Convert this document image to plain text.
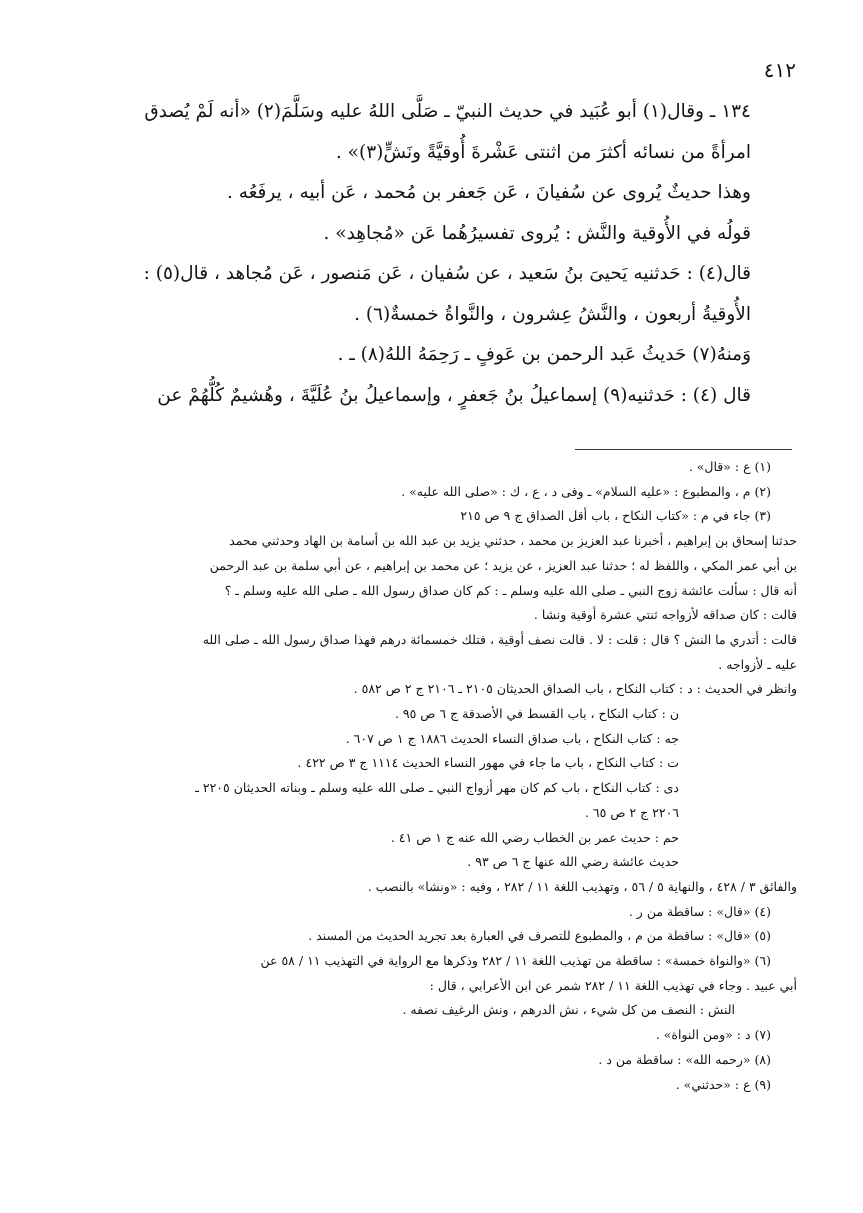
٤١٢

١٣٤ ـ وقال(١) أبو عُبَيد في حديث النبيّ ـ صَلَّى اللهُ عليه وسَلَّمَ(٢) «أنه لَمْ يُصدق

امرأةً من نسائه أكثرَ من اثنتى عَشْرةَ أُوقيَّةً ونَشٍّ(٣)» .

وهذا حديثٌ يُروى عن سُفيانَ ، عَن جَعفر بن مُحمد ، عَن أبيه ، يرفَعُه .

قولُه في الأُوقية والنَّش : يُروى تفسيرُهُما عَن «مُجاهِد» .

قال(٤) : حَدثنيه يَحيىَ بنُ سَعيد ، عن سُفيان ، عَن مَنصور ، عَن مُجاهد ، قال(٥) :

الأُوقيةُ أربعون ، والنَّشُ عِشرون ، والنَّواةُ خمسةٌ(٦) .

وَمنهُ(٧) حَديثُ عَبد الرحمن بن عَوفٍ ـ رَحِمَهُ اللهُ(٨) ـ .

قال (٤) : حَدثنيه(٩) إسماعيلُ بنُ جَعفرٍ ، وإسماعيلُ بنُ عُلَيَّةَ ، وهُشيمٌ كُلُّهُمْ عن

(١) ع : «قال» .

(٢) م ، والمطبوع : «عليه السلام» ـ وفى د ، ع ، ك : «صلى الله عليه» .

(٣) جاء في م : «كتاب النكاح ، باب أقل الصداق ج ٩ ص ٢١٥

حدثنا إسحاق بن إبراهيم ، أخبرنا عبد العزيز بن محمد ، حدثني يزيد بن عبد الله بن أسامة بن الهاد وحدثني محمد

بن أبي عمر المكي ، واللفظ له ؛ حدثنا عبد العزيز ، عن يزيد ؛ عن محمد بن إبراهيم ، عن أبي سلمة بن عبد الرحمن

أنه قال : سألت عائشة زوج النبي ـ صلى الله عليه وسلم ـ : كم كان صداق رسول الله ـ صلى الله عليه وسلم ـ ؟

قالت : كان صداقه لأزواجه ثنتي عشرة أوقية ونشا .

قالت : أتدري ما النش ؟ قال : قلت : لا . قالت نصف أوقية ، فتلك خمسمائة درهم فهذا صداق رسول الله ـ صلى الله

عليه ـ لأزواجه .

وانظر في الحديث : د : كتاب النكاح ، باب الصداق الحديثان ٢١٠٥ ـ ٢١٠٦ ج ٢ ص ٥٨٢ .

ن : كتاب النكاح ، باب القسط في الأصدقة ج ٦ ص ٩٥ .

جه : كتاب النكاح ، باب صداق النساء الحديث ١٨٨٦ ج ١ ص ٦٠٧ .

ت : كتاب النكاح ، باب ما جاء في مهور النساء الحديث ١١١٤ ج ٣ ص ٤٢٢ .

دى : كتاب النكاح ، باب كم كان مهر أزواج النبي ـ صلى الله عليه وسلم ـ وبناته الحديثان ٢٢٠٥ ـ

٢٢٠٦ ج ٢ ص ٦٥ .

حم : حديث عمر بن الخطاب رضي الله عنه ج ١ ص ٤١ .

حديث عائشة رضي الله عنها ج ٦ ص ٩٣ .

والفائق ٣ / ٤٢٨ ، والنهاية ٥ / ٥٦ ، وتهذيب اللغة ١١ / ٢٨٢ ، وفيه : «ونشا» بالنصب .

(٤) «قال» : ساقطة من ر .

(٥) «قال» : ساقطة من م ، والمطبوع للتصرف في العبارة بعد تجريد الحديث من المسند .

(٦) «والنواة خمسة» : ساقطة من تهذيب اللغة ١١ / ٢٨٢ وذكرها مع الرواية في التهذيب ١١ / ٥٨ عن

أبي عبيد . وجاء في تهذيب اللغة ١١ / ٢٨٢ شمر عن ابن الأعرابي ، قال :

النش : النصف من كل شيء ، نش الدرهم ، ونش الرغيف نصفه .

(٧) د : «ومن النواة» .

(٨) «رحمه الله» : ساقطة من د .

(٩) ع : «حدثني» .
